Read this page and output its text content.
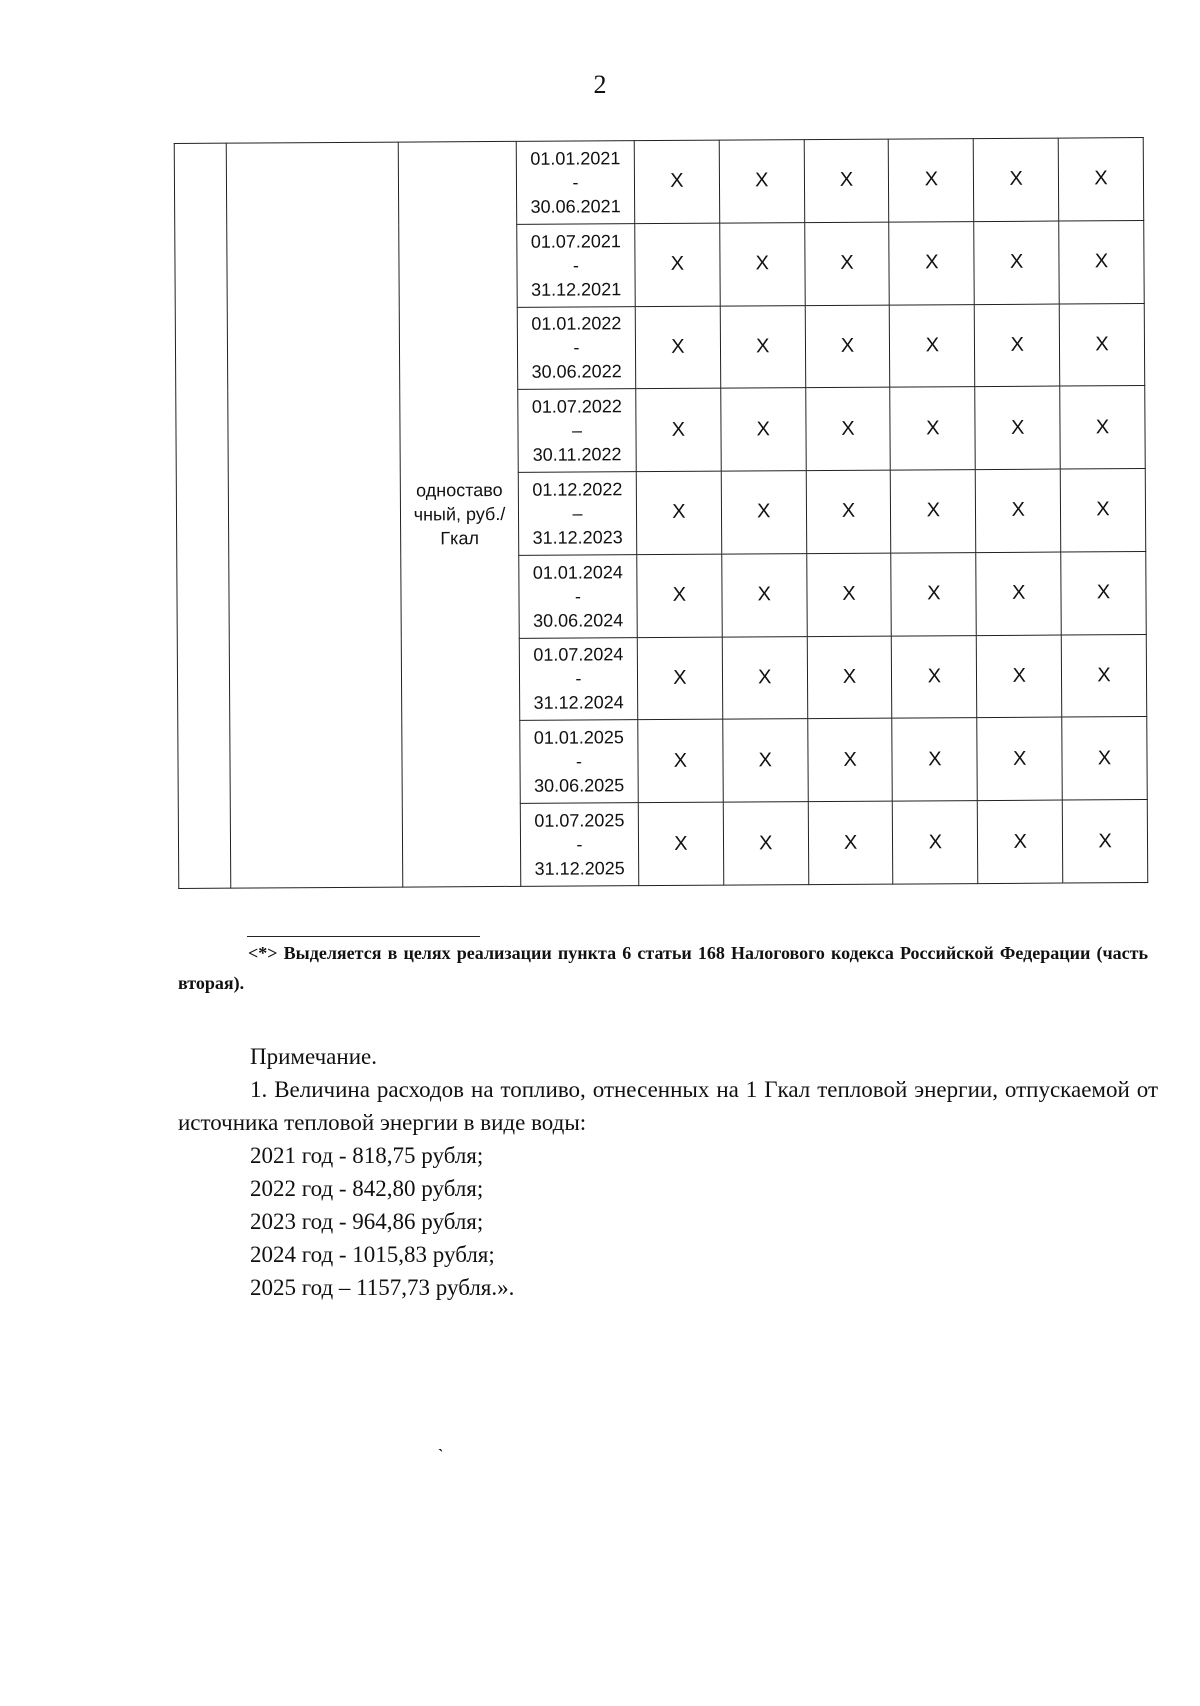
2
		одноставо чный, руб./Гкал	01.01.2021
-
30.06.2021	X	X	X	X	X	X

			01.07.2021
-
31.12.2021	X	X	X	X	X	X

			01.01.2022
-
30.06.2022	X	X	X	X	X	X

			01.07.2022
–
30.11.2022	X	X	X	X	X	X

			01.12.2022
–
31.12.2023	X	X	X	X	X	X

			01.01.2024
-
30.06.2024	X	X	X	X	X	X

			01.07.2024
-
31.12.2024	X	X	X	X	X	X

			01.01.2025
-
30.06.2025	X	X	X	X	X	X

			01.07.2025
-
31.12.2025	X	X	X	X	X	X
<*> Выделяется в целях реализации пункта 6 статьи 168 Налогового кодекса Российской Федерации (часть вторая).

Примечание.

1. Величина расходов на топливо, отнесенных на 1 Гкал тепловой энергии, отпускаемой от источника тепловой энергии в виде воды:

2021 год - 818,75 рубля;

2022 год - 842,80 рубля;

2023 год - 964,86 рубля;

2024 год - 1015,83 рубля;

2025 год – 1157,73 рубля.».

`
